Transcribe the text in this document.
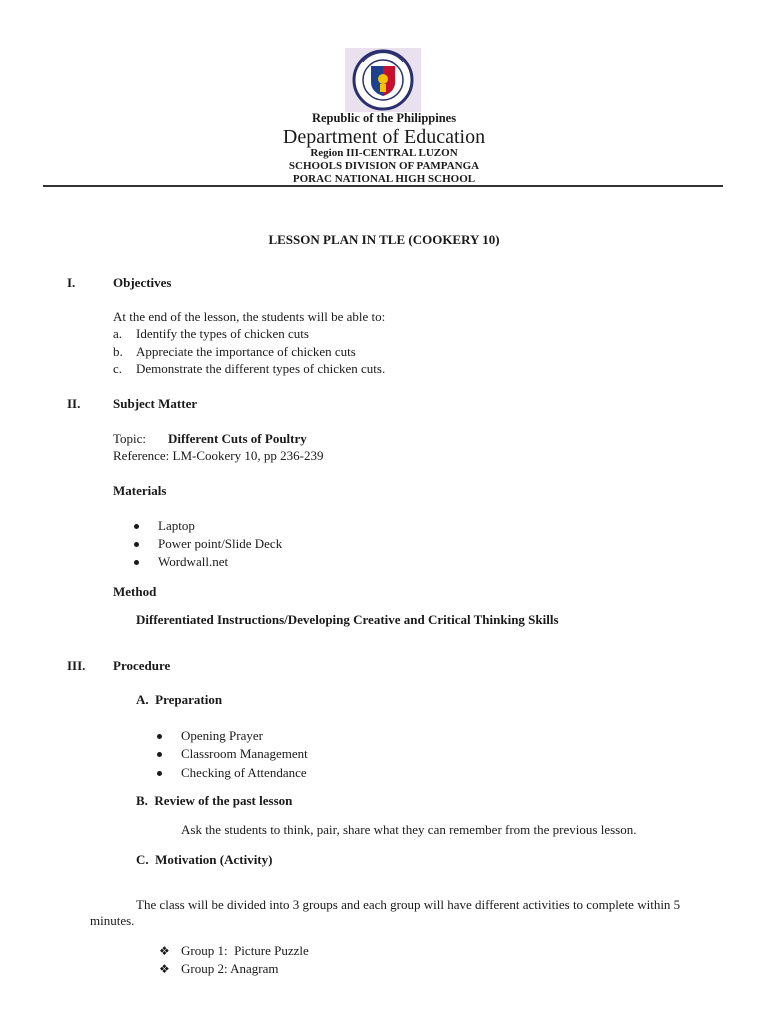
Republic of the Philippines
Department of Education
Region III-CENTRAL LUZON
SCHOOLS DIVISION OF PAMPANGA
PORAC NATIONAL HIGH SCHOOL
LESSON PLAN IN TLE (COOKERY 10)
I.	Objectives
At the end of the lesson, the students will be able to:
a. Identify the types of chicken cuts
b. Appreciate the importance of chicken cuts
c. Demonstrate the different types of chicken cuts.
II.	Subject Matter
Topic: Different Cuts of Poultry
Reference: LM-Cookery 10, pp 236-239
Materials
Laptop
Power point/Slide Deck
Wordwall.net
Method
Differentiated Instructions/Developing Creative and Critical Thinking Skills
III. Procedure
A.  Preparation
Opening Prayer
Classroom Management
Checking of Attendance
B.  Review of the past lesson
Ask the students to think, pair, share what they can remember from the previous lesson.
C.  Motivation (Activity)
The class will be divided into 3 groups and each group will have different activities to complete within 5 minutes.
❖ Group 1:  Picture Puzzle
❖ Group 2: Anagram
